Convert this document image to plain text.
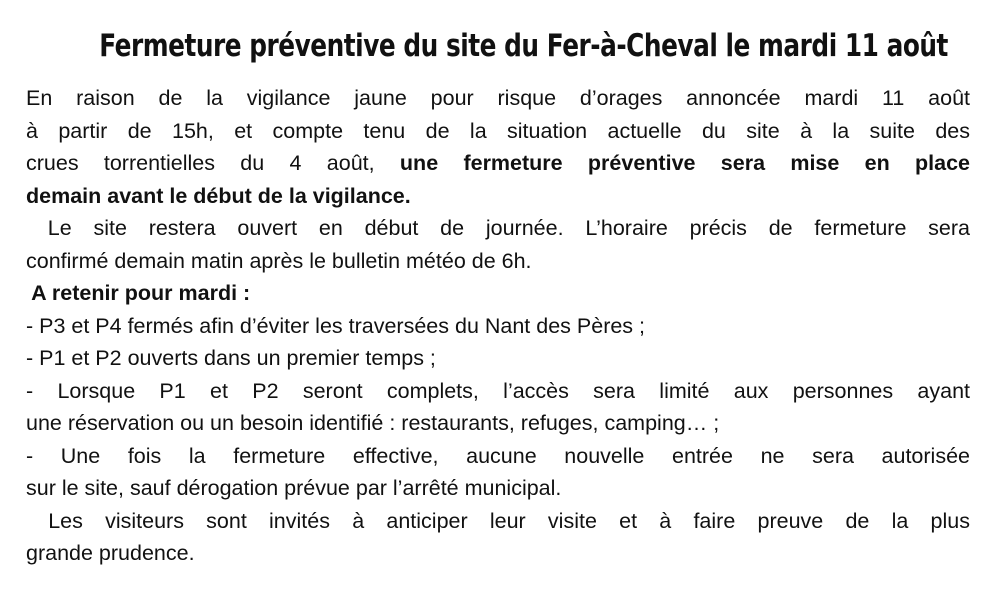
Fermeture préventive du site du Fer-à-Cheval le mardi 11 août
En raison de la vigilance jaune pour risque d’orages annoncée mardi 11 août
à partir de 15h, et compte tenu de la situation actuelle du site à la suite des
crues torrentielles du 4 août, une fermeture préventive sera mise en place
demain avant le début de la vigilance.
Le site restera ouvert en début de journée. L’horaire précis de fermeture sera
confirmé demain matin après le bulletin météo de 6h.
A retenir pour mardi :
- P3 et P4 fermés afin d’éviter les traversées du Nant des Pères ;
- P1 et P2 ouverts dans un premier temps ;
- Lorsque P1 et P2 seront complets, l’accès sera limité aux personnes ayant
une réservation ou un besoin identifié : restaurants, refuges, camping… ;
- Une fois la fermeture effective, aucune nouvelle entrée ne sera autorisée
sur le site, sauf dérogation prévue par l’arrêté municipal.
Les visiteurs sont invités à anticiper leur visite et à faire preuve de la plus
grande prudence.
